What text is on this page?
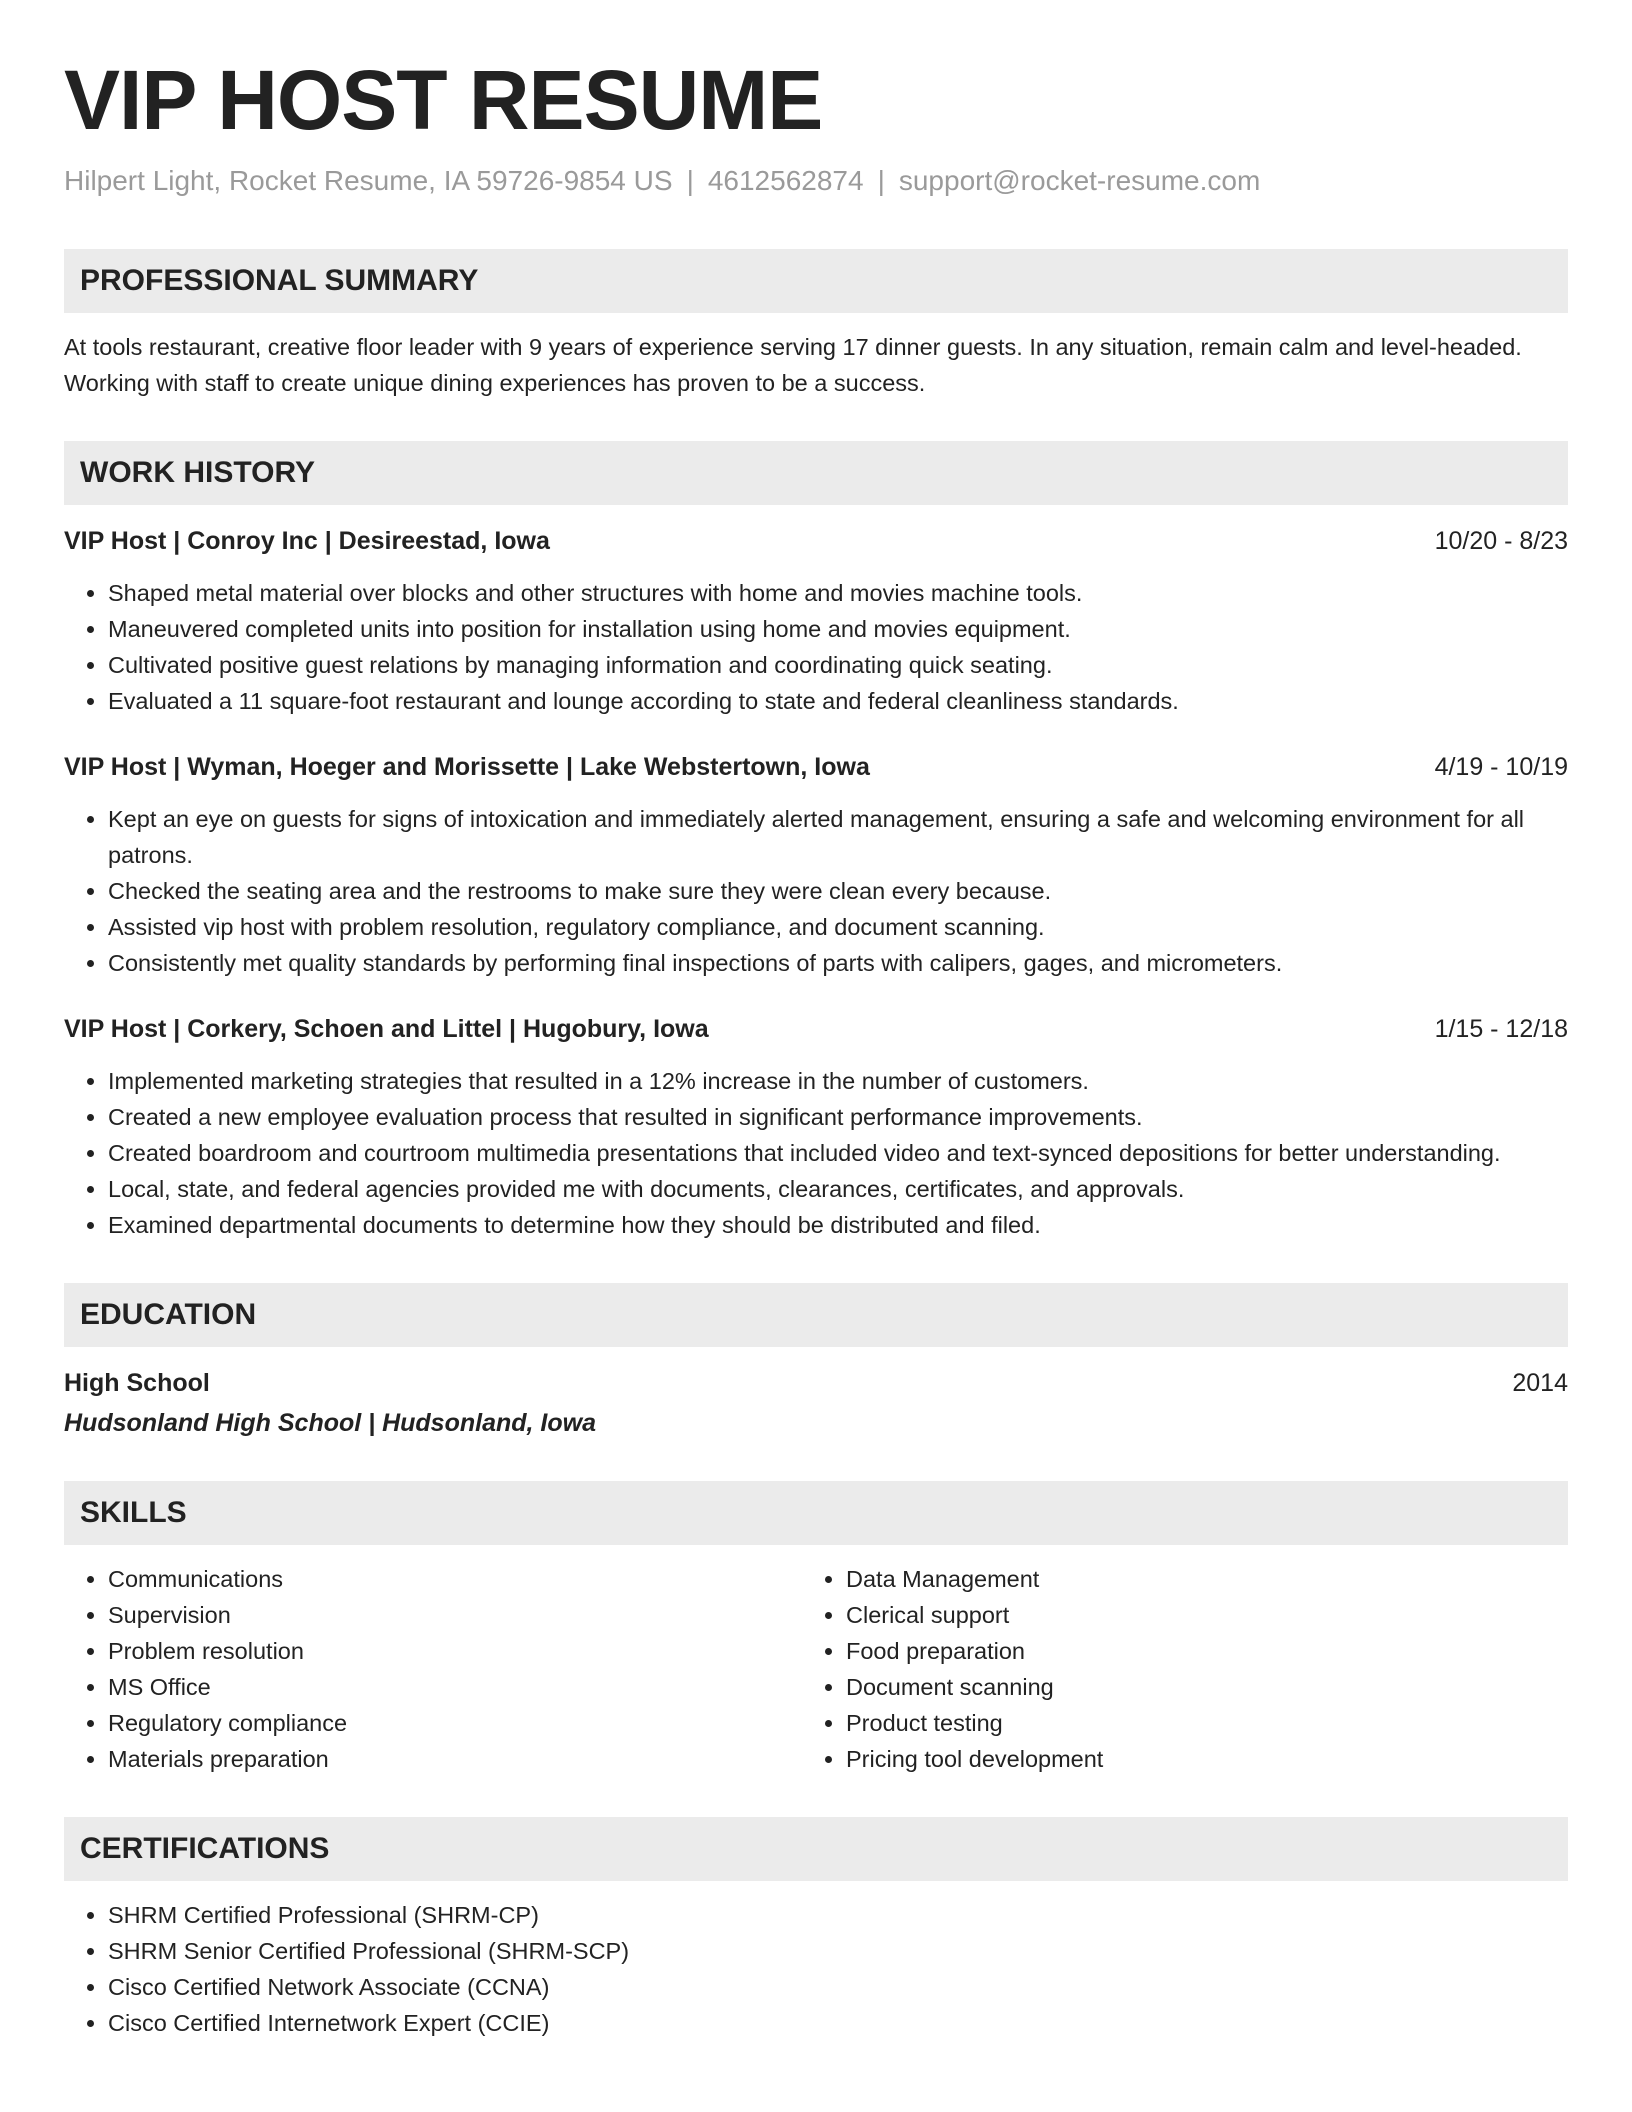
VIP HOST RESUME
Hilpert Light, Rocket Resume, IA 59726-9854 US | 4612562874 | support@rocket-resume.com
PROFESSIONAL SUMMARY
At tools restaurant, creative floor leader with 9 years of experience serving 17 dinner guests. In any situation, remain calm and level-headed. Working with staff to create unique dining experiences has proven to be a success.
WORK HISTORY
VIP Host | Conroy Inc | Desireestad, Iowa	10/20 - 8/23
• Shaped metal material over blocks and other structures with home and movies machine tools.
• Maneuvered completed units into position for installation using home and movies equipment.
• Cultivated positive guest relations by managing information and coordinating quick seating.
• Evaluated a 11 square-foot restaurant and lounge according to state and federal cleanliness standards.
VIP Host | Wyman, Hoeger and Morissette | Lake Webstertown, Iowa	4/19 - 10/19
• Kept an eye on guests for signs of intoxication and immediately alerted management, ensuring a safe and welcoming environment for all patrons.
• Checked the seating area and the restrooms to make sure they were clean every because.
• Assisted vip host with problem resolution, regulatory compliance, and document scanning.
• Consistently met quality standards by performing final inspections of parts with calipers, gages, and micrometers.
VIP Host | Corkery, Schoen and Littel | Hugobury, Iowa	1/15 - 12/18
• Implemented marketing strategies that resulted in a 12% increase in the number of customers.
• Created a new employee evaluation process that resulted in significant performance improvements.
• Created boardroom and courtroom multimedia presentations that included video and text-synced depositions for better understanding.
• Local, state, and federal agencies provided me with documents, clearances, certificates, and approvals.
• Examined departmental documents to determine how they should be distributed and filed.
EDUCATION
High School	2014
Hudsonland High School | Hudsonland, Iowa
SKILLS
• Communications
• Supervision
• Problem resolution
• MS Office
• Regulatory compliance
• Materials preparation
• Data Management
• Clerical support
• Food preparation
• Document scanning
• Product testing
• Pricing tool development
CERTIFICATIONS
• SHRM Certified Professional (SHRM-CP)
• SHRM Senior Certified Professional (SHRM-SCP)
• Cisco Certified Network Associate (CCNA)
• Cisco Certified Internetwork Expert (CCIE)
